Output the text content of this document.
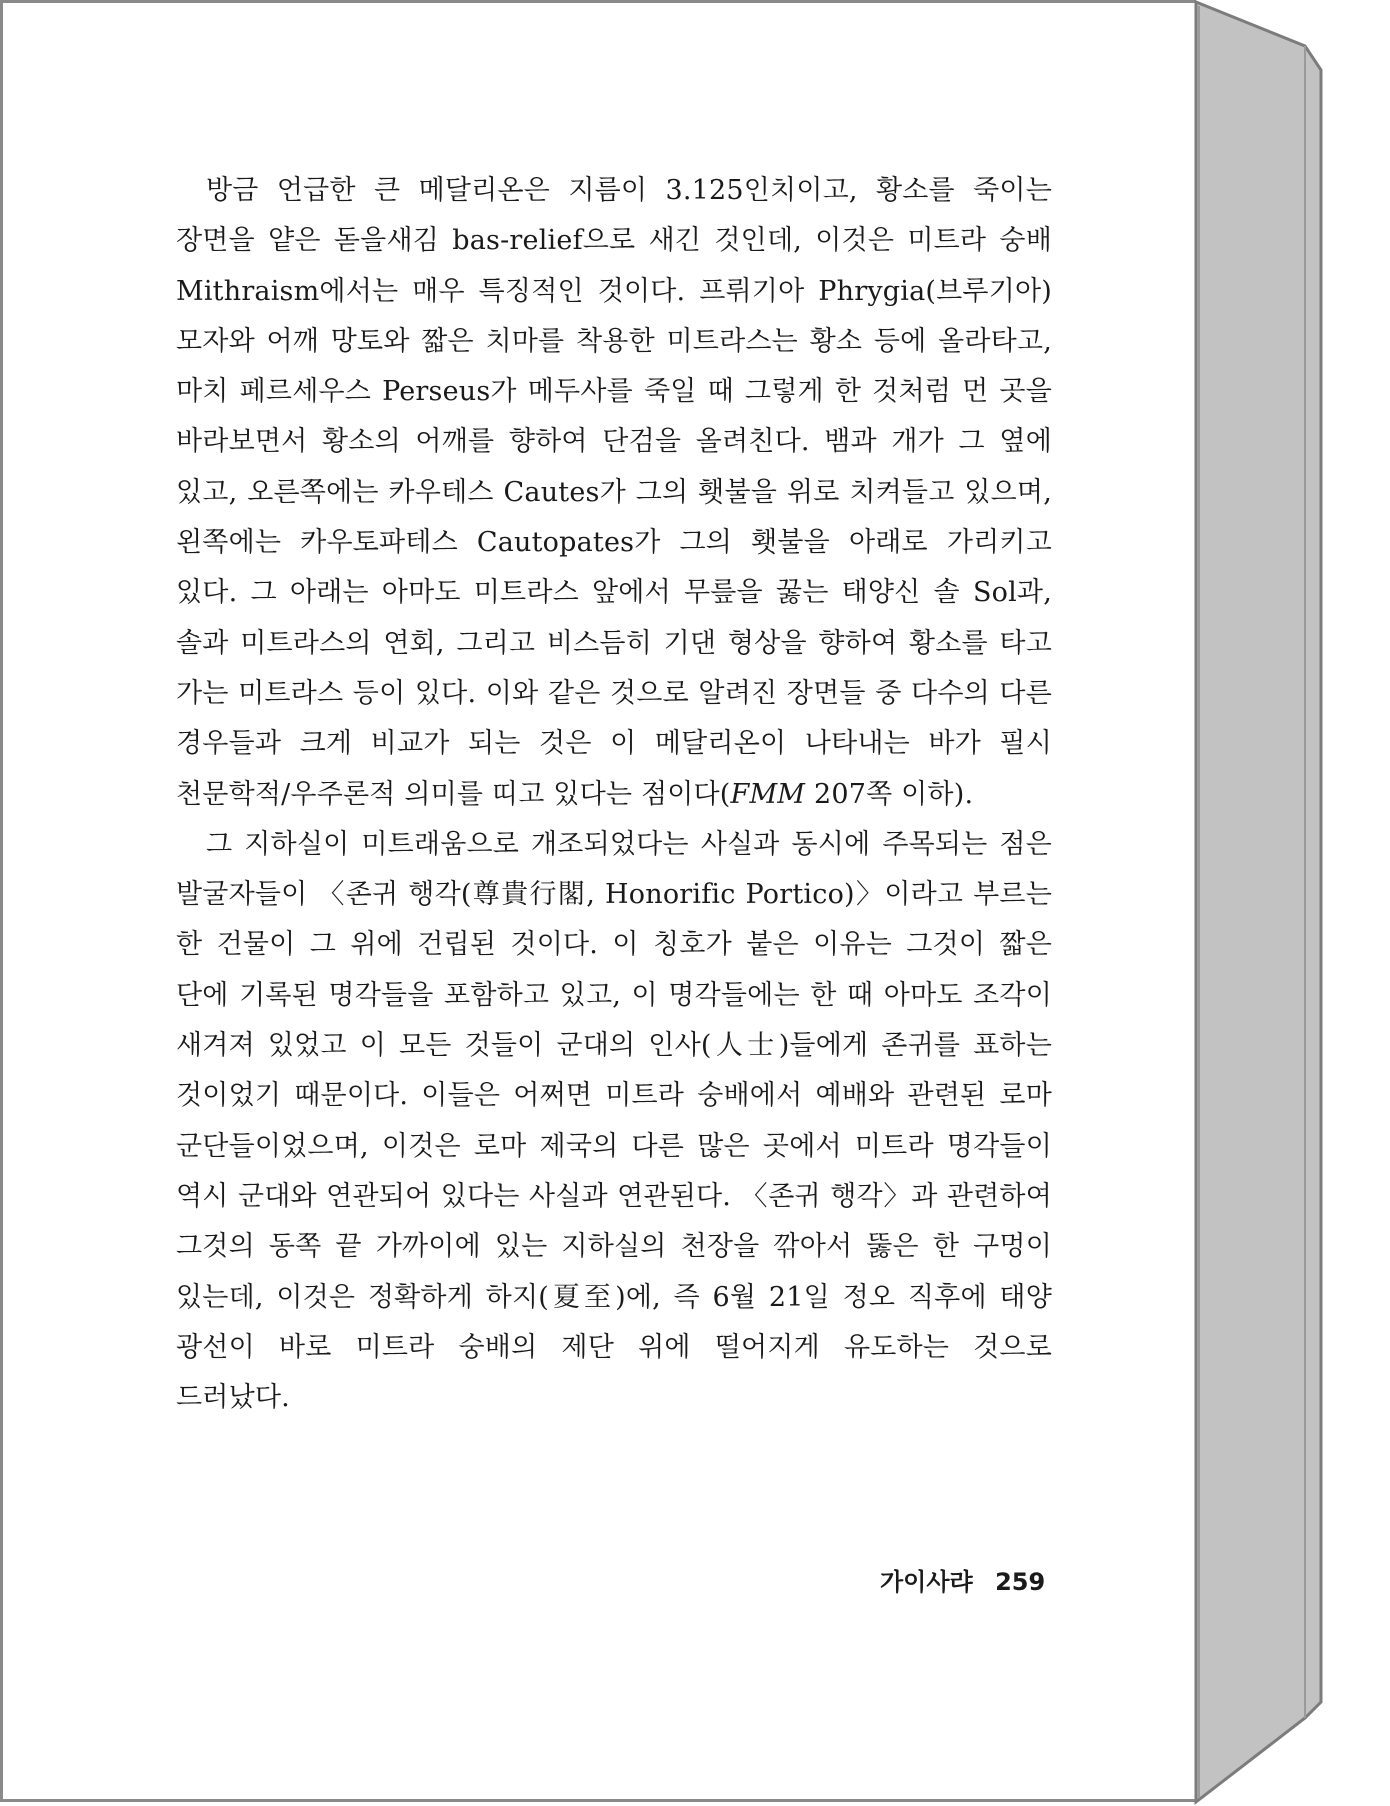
방금 언급한 큰 메달리온은 지름이 3.125인치이고, 황소를 죽이는 장면을 얕은 돋을새김 bas-relief으로 새긴 것인데, 이것은 미트라 숭배 Mithraism에서는 매우 특징적인 것이다. 프뤼기아 Phrygia(브루기아) 모자와 어깨 망토와 짧은 치마를 착용한 미트라스는 황소 등에 올라타고, 마치 페르세우스 Perseus가 메두사를 죽일 때 그렇게 한 것처럼 먼 곳을 바라보면서 황소의 어깨를 향하여 단검을 올려친다. 뱀과 개가 그 옆에 있고, 오른쪽에는 카우테스 Cautes가 그의 횃불을 위로 치켜들고 있으며, 왼쪽에는 카우토파테스 Cautopates가 그의 횃불을 아래로 가리키고 있다. 그 아래는 아마도 미트라스 앞에서 무릎을 꿇는 태양신 솔 Sol과, 솔과 미트라스의 연회, 그리고 비스듬히 기댄 형상을 향하여 황소를 타고 가는 미트라스 등이 있다. 이와 같은 것으로 알려진 장면들 중 다수의 다른 경우들과 크게 비교가 되는 것은 이 메달리온이 나타내는 바가 필시 천문학적/우주론적 의미를 띠고 있다는 점이다(FMM 207쪽 이하).

그 지하실이 미트래움으로 개조되었다는 사실과 동시에 주목되는 점은 발굴자들이 〈존귀 행각(尊貴行閣, Honorific Portico)〉이라고 부르는 한 건물이 그 위에 건립된 것이다. 이 칭호가 붙은 이유는 그것이 짧은 단에 기록된 명각들을 포함하고 있고, 이 명각들에는 한 때 아마도 조각이 새겨져 있었고 이 모든 것들이 군대의 인사(人士)들에게 존귀를 표하는 것이었기 때문이다. 이들은 어쩌면 미트라 숭배에서 예배와 관련된 로마 군단들이었으며, 이것은 로마 제국의 다른 많은 곳에서 미트라 명각들이 역시 군대와 연관되어 있다는 사실과 연관된다. 〈존귀 행각〉과 관련하여 그것의 동쪽 끝 가까이에 있는 지하실의 천장을 깎아서 뚫은 한 구멍이 있는데, 이것은 정확하게 하지(夏至)에, 즉 6월 21일 정오 직후에 태양 광선이 바로 미트라 숭배의 제단 위에 떨어지게 유도하는 것으로 드러났다.

가이사랴 259
